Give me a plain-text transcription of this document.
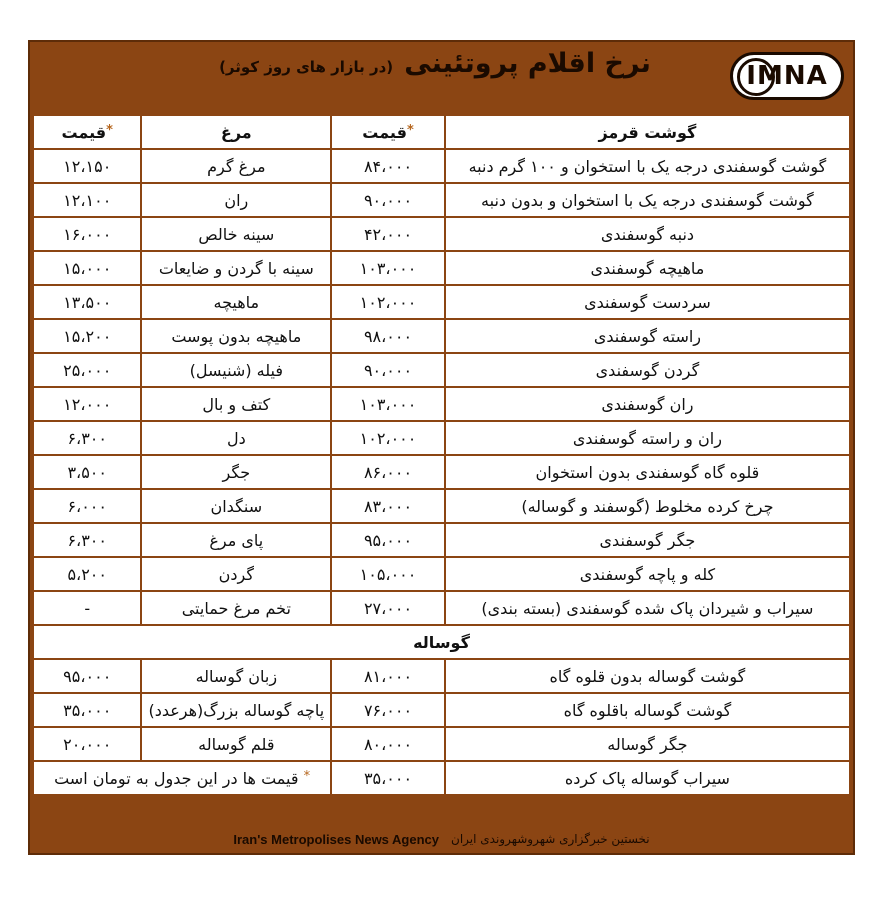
IMNA
نرخ اقلام پروتئینی (در بازار های روز کوثر)
*قیمت	مرغ	*قیمت	گوشت قرمز
۱۲،۱۵۰	مرغ گرم	۸۴،۰۰۰	گوشت گوسفندی درجه یک با استخوان و ۱۰۰ گرم دنبه
۱۲،۱۰۰	ران	۹۰،۰۰۰	گوشت گوسفندی درجه یک با استخوان و بدون دنبه
۱۶،۰۰۰	سینه خالص	۴۲،۰۰۰	دنبه گوسفندی
۱۵،۰۰۰	سینه با گردن و ضایعات	۱۰۳،۰۰۰	ماهیچه گوسفندی
۱۳،۵۰۰	ماهیچه	۱۰۲،۰۰۰	سردست گوسفندی
۱۵،۲۰۰	ماهیچه بدون پوست	۹۸،۰۰۰	راسته گوسفندی
۲۵،۰۰۰	فیله (شنیسل)	۹۰،۰۰۰	گردن گوسفندی
۱۲،۰۰۰	کتف و بال	۱۰۳،۰۰۰	ران گوسفندی
۶،۳۰۰	دل	۱۰۲،۰۰۰	ران و راسته گوسفندی
۳،۵۰۰	جگر	۸۶،۰۰۰	قلوه گاه گوسفندی بدون استخوان
۶،۰۰۰	سنگدان	۸۳،۰۰۰	چرخ کرده مخلوط (گوسفند و گوساله)
۶،۳۰۰	پای مرغ	۹۵،۰۰۰	جگر گوسفندی
۵،۲۰۰	گردن	۱۰۵،۰۰۰	کله و پاچه گوسفندی
-	تخم مرغ حمایتی	۲۷،۰۰۰	سیراب و شیردان پاک شده گوسفندی (بسته بندی)
گوساله			
۹۵،۰۰۰	زبان گوساله	۸۱،۰۰۰	گوشت گوساله بدون قلوه گاه
۳۵،۰۰۰	پاچه گوساله بزرگ(هرعدد)	۷۶،۰۰۰	گوشت گوساله باقلوه گاه
۲۰،۰۰۰	قلم گوساله	۸۰،۰۰۰	جگر گوساله
* قیمت ها در این جدول به تومان است		۳۵،۰۰۰	سیراب گوساله پاک کرده
Iran's Metropolises News Agency نخستین خبرگزاری شهروشهروندی ایران
